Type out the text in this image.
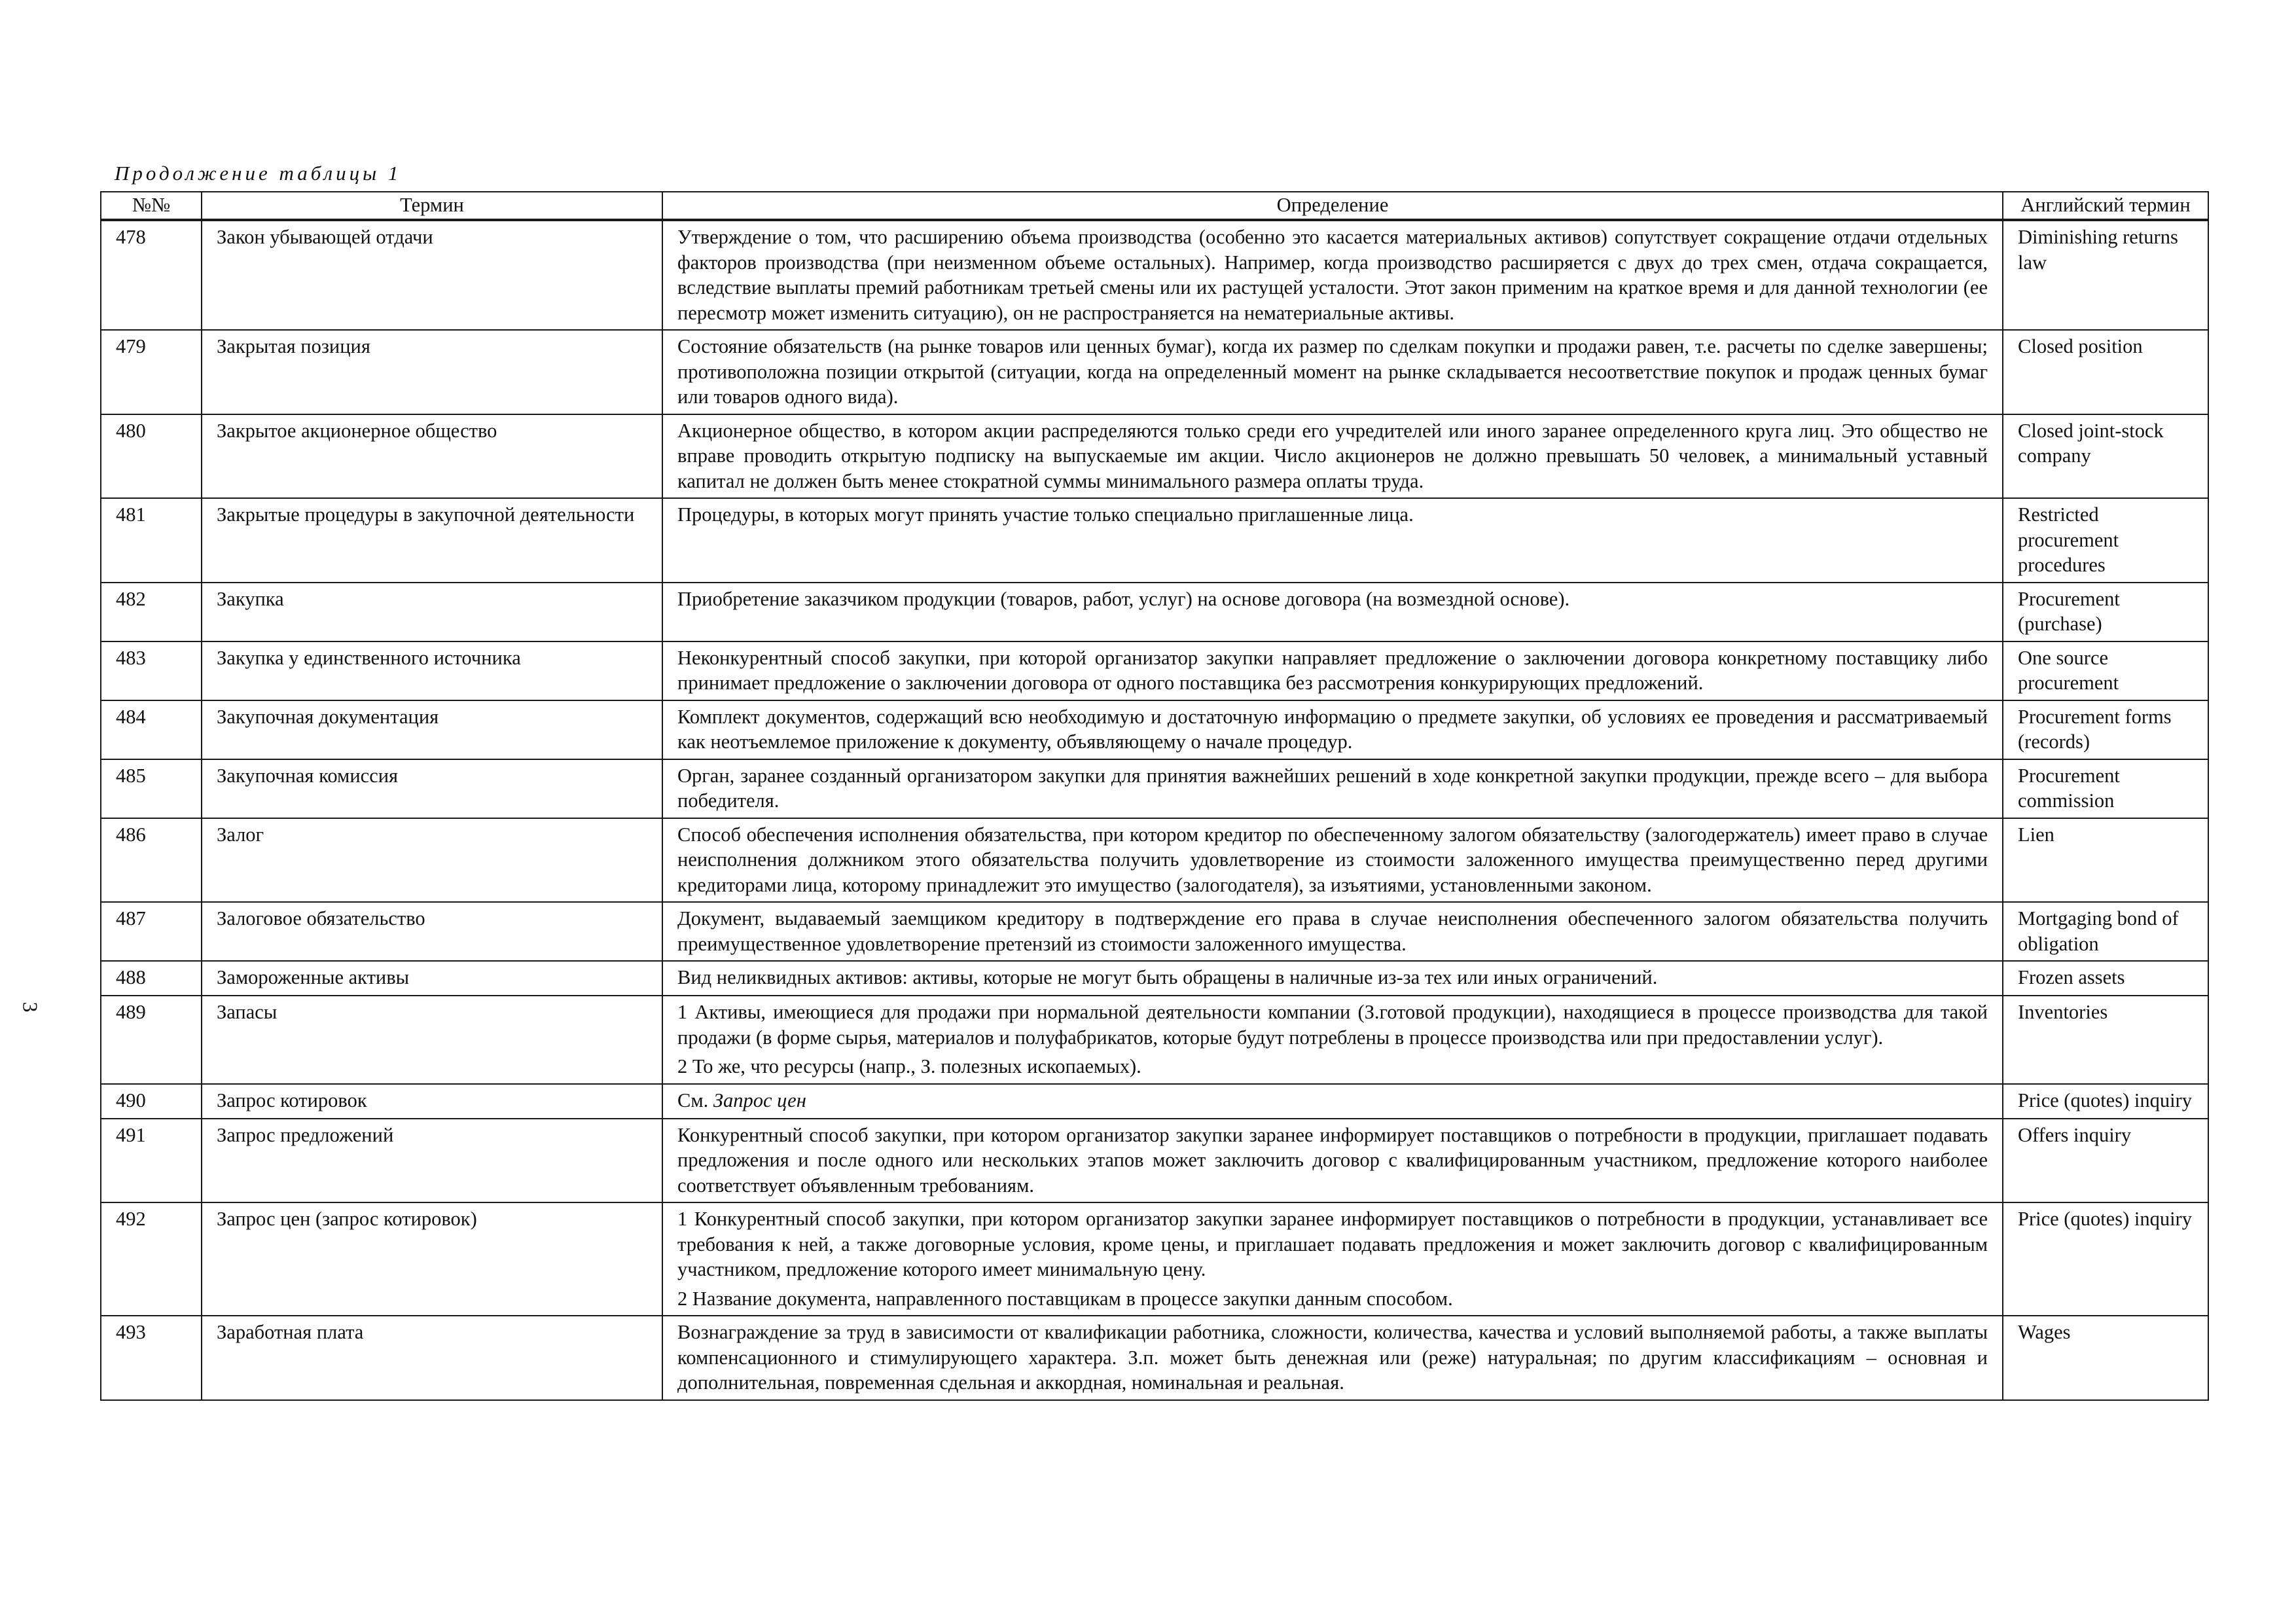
Продолжение таблицы 1
№№	Термин	Определение	Английский термин
478	Закон убывающей отдачи	Утверждение о том, что расширению объема производства (особенно это касается материальных активов) сопутствует сокращение отдачи отдельных факторов производства (при неизменном объеме остальных). Например, когда производство расширяется с двух до трех смен, отдача сокращается, вследствие выплаты премий работникам третьей смены или их растущей усталости. Этот закон применим на краткое время и для данной технологии (ее пересмотр может изменить ситуацию), он не распространяется на нематериальные активы.	Diminishing returns law
479	Закрытая позиция	Состояние обязательств (на рынке товаров или ценных бумаг), когда их размер по сделкам покупки и продажи равен, т.е. расчеты по сделке завершены; противоположна позиции открытой (ситуации, когда на определенный момент на рынке складывается несоответствие покупок и продаж ценных бумаг или товаров одного вида).	Closed position
480	Закрытое акционерное общество	Акционерное общество, в котором акции распределяются только среди его учредителей или иного заранее определенного круга лиц. Это общество не вправе проводить открытую подписку на выпускаемые им акции. Число акционеров не должно превышать 50 человек, а минимальный уставный капитал не должен быть менее стократной суммы минимального размера оплаты труда.	Closed joint-stock company
481	Закрытые процедуры в закупочной деятельности	Процедуры, в которых могут принять участие только специально приглашенные лица.	Restricted procurement procedures
482	Закупка	Приобретение заказчиком продукции (товаров, работ, услуг) на основе договора (на возмездной основе).	Procurement (purchase)
483	Закупка у единственного источника	Неконкурентный способ закупки, при которой организатор закупки направляет предложение о заключении договора конкретному поставщику либо принимает предложение о заключении договора от одного поставщика без рассмотрения конкурирующих предложений.	One source procurement
484	Закупочная документация	Комплект документов, содержащий всю необходимую и достаточную информацию о предмете закупки, об условиях ее проведения и рассматриваемый как неотъемлемое приложение к документу, объявляющему о начале процедур.	Procurement forms (records)
485	Закупочная комиссия	Орган, заранее созданный организатором закупки для принятия важнейших решений в ходе конкретной закупки продукции, прежде всего – для выбора победителя.	Procurement commission
486	Залог	Способ обеспечения исполнения обязательства, при котором кредитор по обеспеченному залогом обязательству (залогодержатель) имеет право в случае неисполнения должником этого обязательства получить удовлетворение из стоимости заложенного имущества преимущественно перед другими кредиторами лица, которому принадлежит это имущество (залогодателя), за изъятиями, установленными законом.	Lien
487	Залоговое обязательство	Документ, выдаваемый заемщиком кредитору в подтверждение его права в случае неисполнения обеспеченного залогом обязательства получить преимущественное удовлетворение претензий из стоимости заложенного имущества.	Mortgaging bond of obligation
488	Замороженные активы	Вид неликвидных активов: активы, которые не могут быть обращены в наличные из-за тех или иных ограничений.	Frozen assets
489	Запасы	1 Активы, имеющиеся для продажи при нормальной деятельности компании (З.готовой продукции), находящиеся в процессе производства для такой продажи (в форме сырья, материалов и полуфабрикатов, которые будут потреблены в процессе производства или при предоставлении услуг).

2 То же, что ресурсы (напр., З. полезных ископаемых).	Inventories
490	Запрос котировок	См. Запрос цен	Price (quotes) inquiry
491	Запрос предложений	Конкурентный способ закупки, при котором организатор закупки заранее информирует поставщиков о потребности в продукции, приглашает подавать предложения и после одного или нескольких этапов может заключить договор с квалифицированным участником, предложение которого наиболее соответствует объявленным требованиям.	Offers inquiry
492	Запрос цен (запрос котировок)	1 Конкурентный способ закупки, при котором организатор закупки заранее информирует поставщиков о потребности в продукции, устанавливает все требования к ней, а также договорные условия, кроме цены, и приглашает подавать предложения и может заключить договор с квалифицированным участником, предложение которого имеет минимальную цену.

2 Название документа, направленного поставщикам в процессе закупки данным способом.	Price (quotes) inquiry
493	Заработная плата	Вознаграждение за труд в зависимости от квалификации работника, сложности, количества, качества и условий выполняемой работы, а также выплаты компенсационного и стимулирующего характера. З.п. может быть денежная или (реже) натуральная; по другим классификациям – основная и дополнительная, повременная сдельная и аккордная, номинальная и реальная.	Wages
3
